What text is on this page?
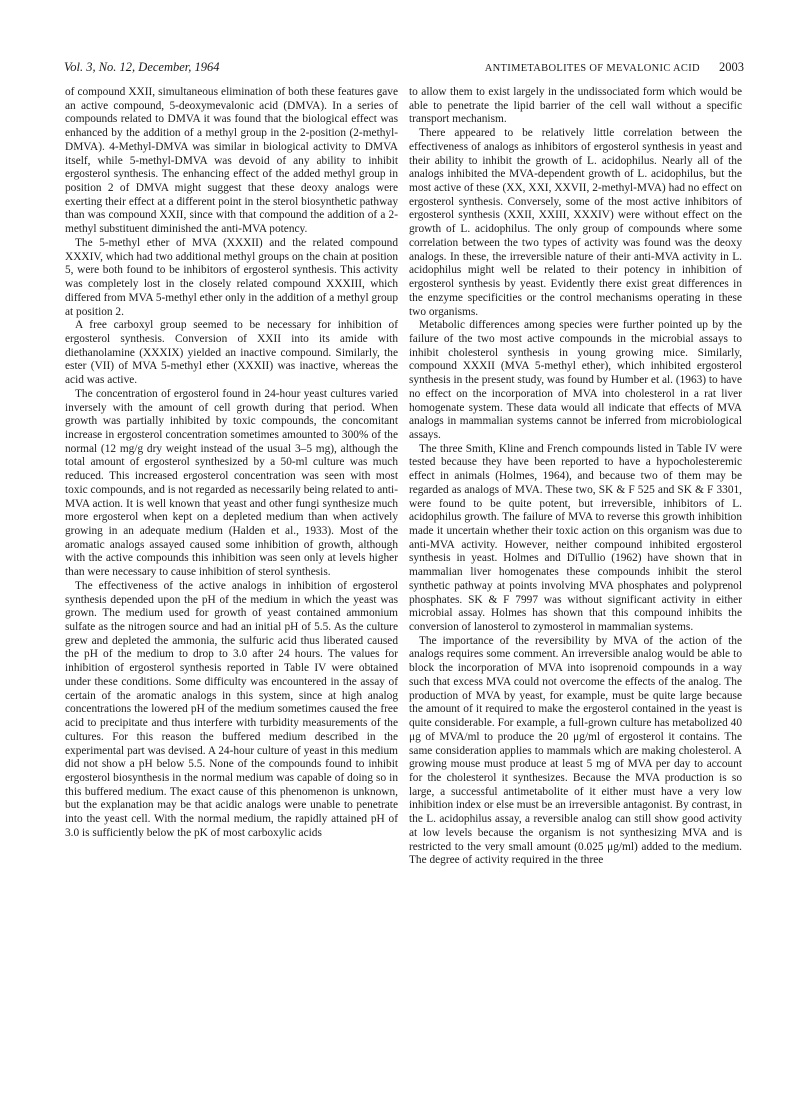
Vol. 3, No. 12, December, 1964	ANTIMETABOLITES OF MEVALONIC ACID 2003

of compound XXII, simultaneous elimination of both these features gave an active compound, 5-deoxymevalonic acid (DMVA). In a series of compounds related to DMVA it was found that the biological effect was enhanced by the addition of a methyl group in the 2-position (2-methyl-DMVA). 4-Methyl-DMVA was similar in biological activity to DMVA itself, while 5-methyl-DMVA was devoid of any ability to inhibit ergosterol synthesis. The enhancing effect of the added methyl group in position 2 of DMVA might suggest that these deoxy analogs were exerting their effect at a different point in the sterol biosynthetic pathway than was compound XXII, since with that compound the addition of a 2-methyl substituent diminished the anti-MVA potency.

The 5-methyl ether of MVA (XXXII) and the related compound XXXIV, which had two additional methyl groups on the chain at position 5, were both found to be inhibitors of ergosterol synthesis. This activity was completely lost in the closely related compound XXXIII, which differed from MVA 5-methyl ether only in the addition of a methyl group at position 2.

A free carboxyl group seemed to be necessary for inhibition of ergosterol synthesis. Conversion of XXII into its amide with diethanolamine (XXXIX) yielded an inactive compound. Similarly, the ester (VII) of MVA 5-methyl ether (XXXII) was inactive, whereas the acid was active.

The concentration of ergosterol found in 24-hour yeast cultures varied inversely with the amount of cell growth during that period. When growth was partially inhibited by toxic compounds, the concomitant increase in ergosterol concentration sometimes amounted to 300% of the normal (12 mg/g dry weight instead of the usual 3–5 mg), although the total amount of ergosterol synthesized by a 50-ml culture was much reduced. This increased ergosterol concentration was seen with most toxic compounds, and is not regarded as necessarily being related to anti-MVA action. It is well known that yeast and other fungi synthesize much more ergosterol when kept on a depleted medium than when actively growing in an adequate medium (Halden et al., 1933). Most of the aromatic analogs assayed caused some inhibition of growth, although with the active compounds this inhibition was seen only at levels higher than were necessary to cause inhibition of sterol synthesis.

The effectiveness of the active analogs in inhibition of ergosterol synthesis depended upon the pH of the medium in which the yeast was grown. The medium used for growth of yeast contained ammonium sulfate as the nitrogen source and had an initial pH of 5.5. As the culture grew and depleted the ammonia, the sulfuric acid thus liberated caused the pH of the medium to drop to 3.0 after 24 hours. The values for inhibition of ergosterol synthesis reported in Table IV were obtained under these conditions. Some difficulty was encountered in the assay of certain of the aromatic analogs in this system, since at high analog concentrations the lowered pH of the medium sometimes caused the free acid to precipitate and thus interfere with turbidity measurements of the cultures. For this reason the buffered medium described in the experimental part was devised. A 24-hour culture of yeast in this medium did not show a pH below 5.5. None of the compounds found to inhibit ergosterol biosynthesis in the normal medium was capable of doing so in this buffered medium. The exact cause of this phenomenon is unknown, but the explanation may be that acidic analogs were unable to penetrate into the yeast cell. With the normal medium, the rapidly attained pH of 3.0 is sufficiently below the pK of most carboxylic acids

to allow them to exist largely in the undissociated form which would be able to penetrate the lipid barrier of the cell wall without a specific transport mechanism.

There appeared to be relatively little correlation between the effectiveness of analogs as inhibitors of ergosterol synthesis in yeast and their ability to inhibit the growth of L. acidophilus. Nearly all of the analogs inhibited the MVA-dependent growth of L. acidophilus, but the most active of these (XX, XXI, XXVII, 2-methyl-MVA) had no effect on ergosterol synthesis. Conversely, some of the most active inhibitors of ergosterol synthesis (XXII, XXIII, XXXIV) were without effect on the growth of L. acidophilus. The only group of compounds where some correlation between the two types of activity was found was the deoxy analogs. In these, the irreversible nature of their anti-MVA activity in L. acidophilus might well be related to their potency in inhibition of ergosterol synthesis by yeast. Evidently there exist great differences in the enzyme specificities or the control mechanisms operating in these two organisms.

Metabolic differences among species were further pointed up by the failure of the two most active compounds in the microbial assays to inhibit cholesterol synthesis in young growing mice. Similarly, compound XXXII (MVA 5-methyl ether), which inhibited ergosterol synthesis in the present study, was found by Humber et al. (1963) to have no effect on the incorporation of MVA into cholesterol in a rat liver homogenate system. These data would all indicate that effects of MVA analogs in mammalian systems cannot be inferred from microbiological assays.

The three Smith, Kline and French compounds listed in Table IV were tested because they have been reported to have a hypocholesteremic effect in animals (Holmes, 1964), and because two of them may be regarded as analogs of MVA. These two, SK & F 525 and SK & F 3301, were found to be quite potent, but irreversible, inhibitors of L. acidophilus growth. The failure of MVA to reverse this growth inhibition made it uncertain whether their toxic action on this organism was due to anti-MVA activity. However, neither compound inhibited ergosterol synthesis in yeast. Holmes and DiTullio (1962) have shown that in mammalian liver homogenates these compounds inhibit the sterol synthetic pathway at points involving MVA phosphates and polyprenol phosphates. SK & F 7997 was without significant activity in either microbial assay. Holmes has shown that this compound inhibits the conversion of lanosterol to zymosterol in mammalian systems.

The importance of the reversibility by MVA of the action of the analogs requires some comment. An irreversible analog would be able to block the incorporation of MVA into isoprenoid compounds in a way such that excess MVA could not overcome the effects of the analog. The production of MVA by yeast, for example, must be quite large because the amount of it required to make the ergosterol contained in the yeast is quite considerable. For example, a full-grown culture has metabolized 40 μg of MVA/ml to produce the 20 μg/ml of ergosterol it contains. The same consideration applies to mammals which are making cholesterol. A growing mouse must produce at least 5 mg of MVA per day to account for the cholesterol it synthesizes. Because the MVA production is so large, a successful antimetabolite of it either must have a very low inhibition index or else must be an irreversible antagonist. By contrast, in the L. acidophilus assay, a reversible analog can still show good activity at low levels because the organism is not synthesizing MVA and is restricted to the very small amount (0.025 μg/ml) added to the medium. The degree of activity required in the three
